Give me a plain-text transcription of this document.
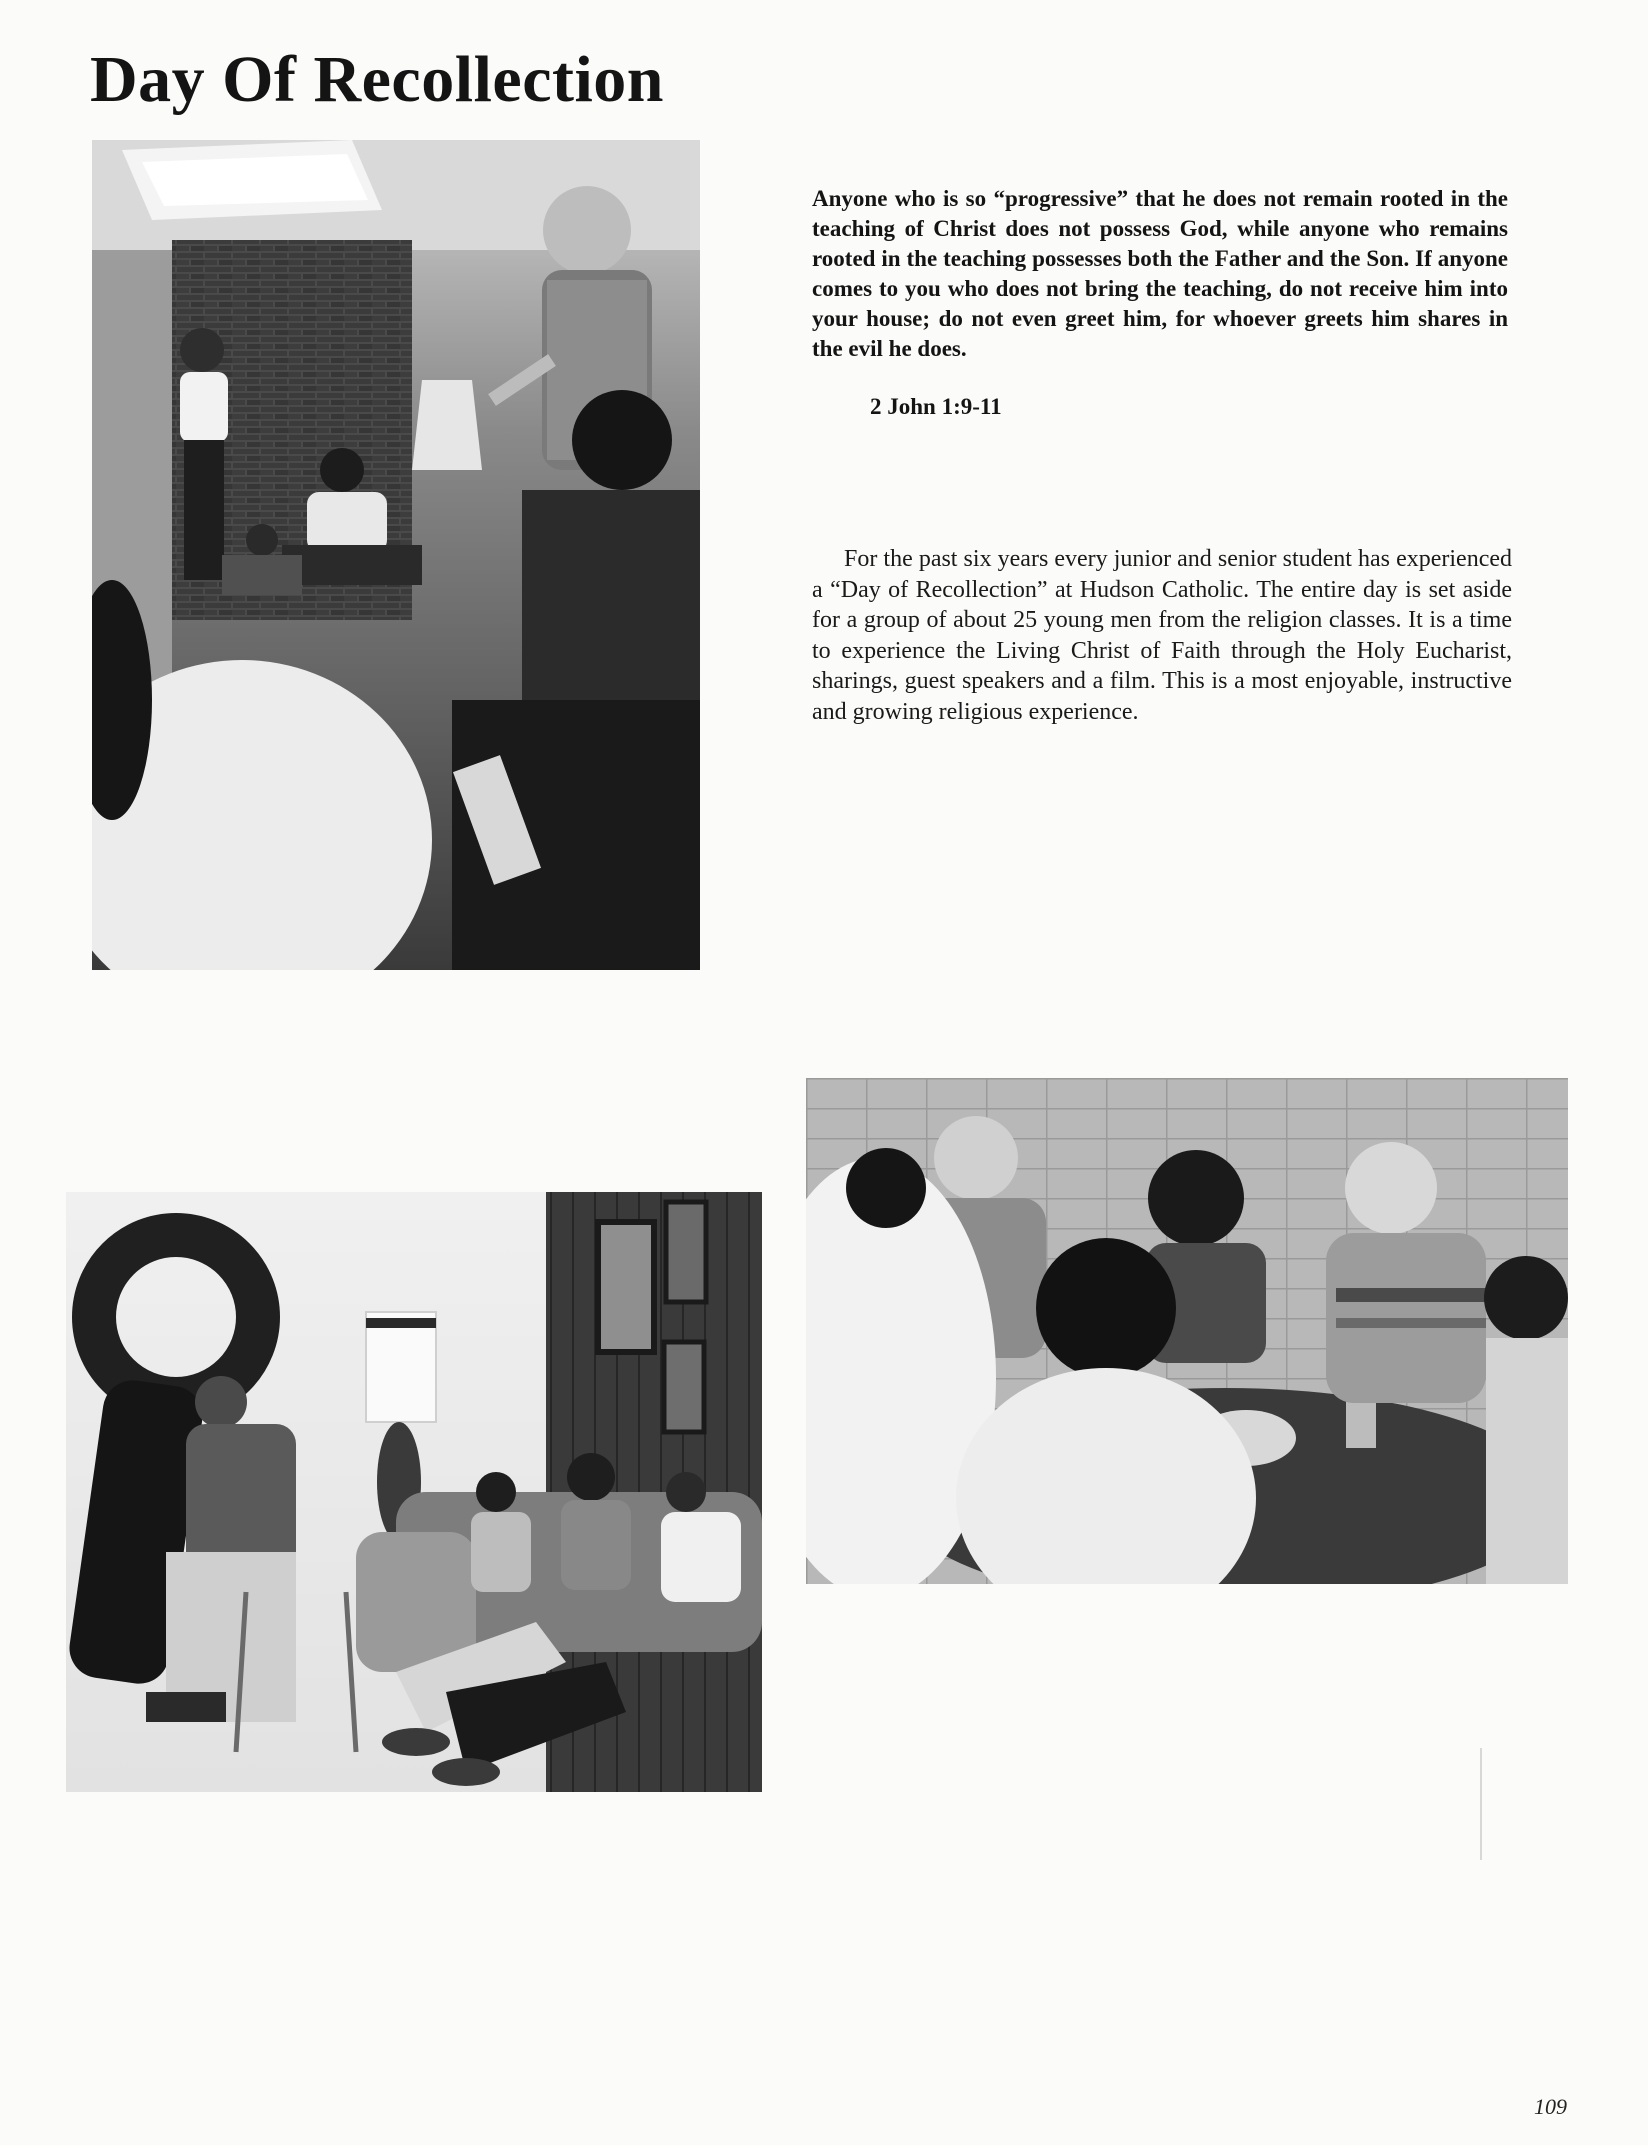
Day Of Recollection

Anyone who is so “progressive” that he does not remain rooted in the teaching of Christ does not possess God, while anyone who remains rooted in the teaching possesses both the Father and the Son. If anyone comes to you who does not bring the teaching, do not receive him into your house; do not even greet him, for whoever greets him shares in the evil he does.

2 John 1:9-11

For the past six years every junior and senior student has experienced a “Day of Recollection” at Hudson Catholic. The entire day is set aside for a group of about 25 young men from the religion classes. It is a time to experience the Living Christ of Faith through the Holy Eucharist, sharings, guest speakers and a film. This is a most enjoyable, instructive and growing religious experience.

109
